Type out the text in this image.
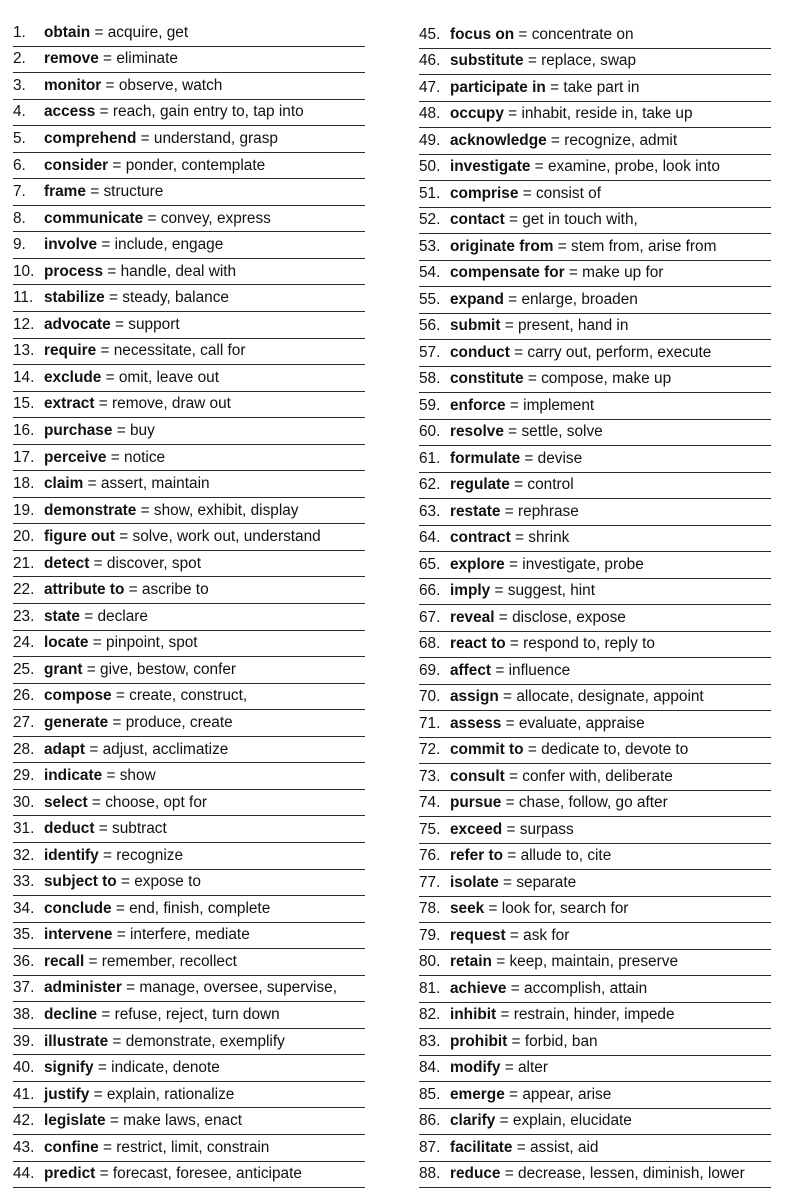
1.	obtain = acquire, get
2.	remove = eliminate
3.	monitor = observe, watch
4.	access = reach, gain entry to, tap into
5.	comprehend = understand, grasp
6.	consider = ponder, contemplate
7.	frame = structure
8.	communicate = convey, express
9.	involve = include, engage
10. process = handle, deal with
11. stabilize = steady, balance
12. advocate = support
13. require = necessitate, call for
14. exclude = omit, leave out
15. extract = remove, draw out
16. purchase = buy
17. perceive = notice
18. claim = assert, maintain
19. demonstrate = show, exhibit, display
20. figure out = solve, work out, understand
21. detect = discover, spot
22. attribute to = ascribe to
23. state = declare
24. locate = pinpoint, spot
25. grant = give, bestow, confer
26. compose = create, construct,
27. generate = produce, create
28. adapt = adjust, acclimatize
29. indicate = show
30. select = choose, opt for
31. deduct = subtract
32. identify = recognize
33. subject to = expose to
34. conclude = end, finish, complete
35. intervene = interfere, mediate
36. recall = remember, recollect
37. administer = manage, oversee, supervise,
38. decline = refuse, reject, turn down
39. illustrate = demonstrate, exemplify
40. signify = indicate, denote
41. justify = explain, rationalize
42. legislate = make laws, enact
43. confine = restrict, limit, constrain
44. predict = forecast, foresee, anticipate
45. focus on = concentrate on
46. substitute = replace, swap
47. participate in = take part in
48. occupy = inhabit, reside in, take up
49. acknowledge = recognize, admit
50. investigate = examine, probe, look into
51. comprise = consist of
52. contact = get in touch with,
53. originate from = stem from, arise from
54. compensate for = make up for
55. expand = enlarge, broaden
56. submit = present, hand in
57. conduct = carry out, perform, execute
58. constitute = compose, make up
59. enforce = implement
60. resolve = settle, solve
61. formulate = devise
62. regulate = control
63. restate = rephrase
64. contract = shrink
65. explore = investigate, probe
66. imply = suggest, hint
67. reveal = disclose, expose
68. react to = respond to, reply to
69. affect = influence
70. assign = allocate, designate, appoint
71. assess = evaluate, appraise
72. commit to = dedicate to, devote to
73. consult = confer with, deliberate
74. pursue = chase, follow, go after
75. exceed = surpass
76. refer to = allude to, cite
77. isolate = separate
78. seek = look for, search for
79. request = ask for
80. retain = keep, maintain, preserve
81. achieve = accomplish, attain
82. inhibit = restrain, hinder, impede
83. prohibit = forbid, ban
84. modify = alter
85. emerge = appear, arise
86. clarify = explain, elucidate
87. facilitate = assist, aid
88. reduce = decrease, lessen, diminish, lower
